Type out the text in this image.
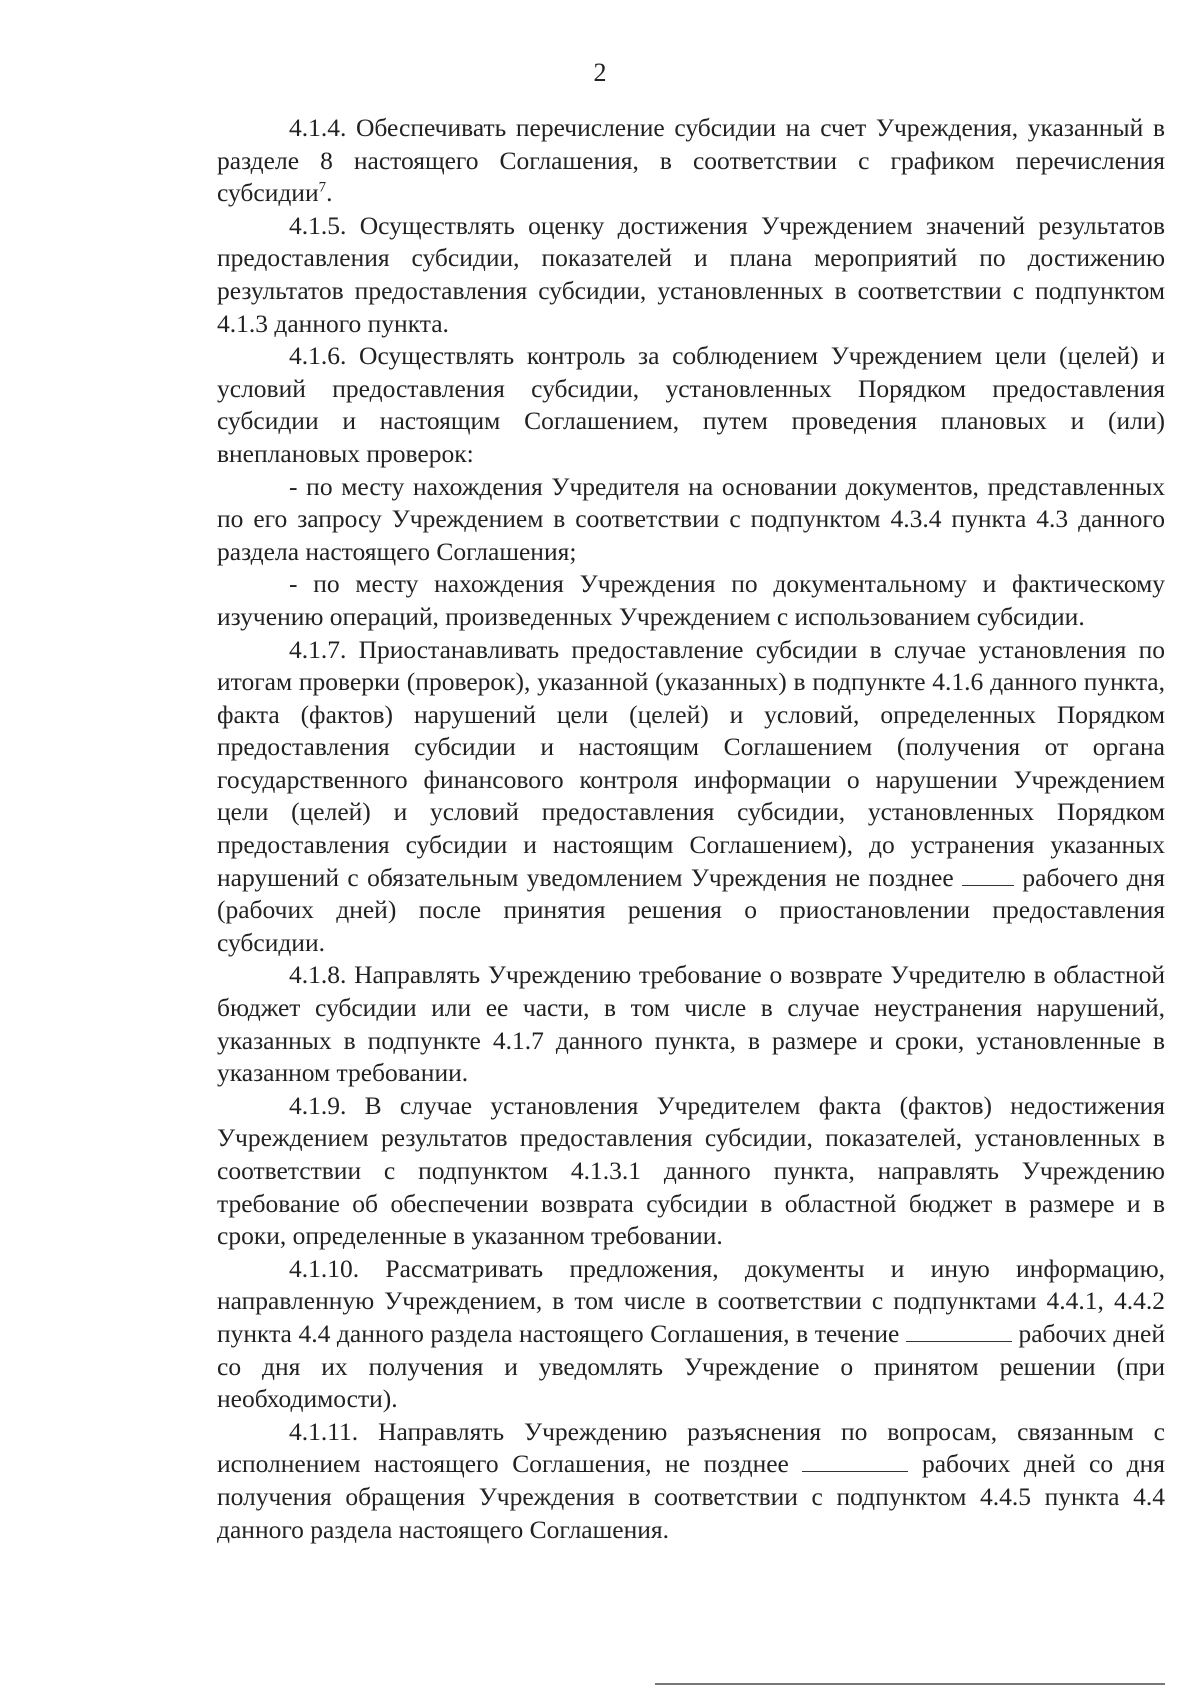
2

4.1.4. Обеспечивать перечисление субсидии на счет Учреждения, указанный в разделе 8 настоящего Соглашения, в соответствии с графиком перечисления субсидии$^7$.

4.1.5. Осуществлять оценку достижения Учреждением значений результатов предоставления субсидии, показателей и плана мероприятий по достижению результатов предоставления субсидии, установленных в соответствии с подпунктом 4.1.3 данного пункта.

4.1.6. Осуществлять контроль за соблюдением Учреждением цели (целей) и условий предоставления субсидии, установленных Порядком предоставления субсидии и настоящим Соглашением, путем проведения плановых и (или) внеплановых проверок:

- по месту нахождения Учредителя на основании документов, представленных по его запросу Учреждением в соответствии с подпунктом 4.3.4 пункта 4.3 данного раздела настоящего Соглашения;

- по месту нахождения Учреждения по документальному и фактическому изучению операций, произведенных Учреждением с использованием субсидии.

4.1.7. Приостанавливать предоставление субсидии в случае установления по итогам проверки (проверок), указанной (указанных) в подпункте 4.1.6 данного пункта, факта (фактов) нарушений цели (целей) и условий, определенных Порядком предоставления субсидии и настоящим Соглашением (получения от органа государственного финансового контроля информации о нарушении Учреждением цели (целей) и условий предоставления субсидии, установленных Порядком предоставления субсидии и настоящим Соглашением), до устранения указанных нарушений с обязательным уведомлением Учреждения не позднее  рабочего дня (рабочих дней) после принятия решения о приостановлении предоставления субсидии.

4.1.8. Направлять Учреждению требование о возврате Учредителю в областной бюджет субсидии или ее части, в том числе в случае неустранения нарушений, указанных в подпункте 4.1.7 данного пункта, в размере и сроки, установленные в указанном требовании.

4.1.9. В случае установления Учредителем факта (фактов) недостижения Учреждением результатов предоставления субсидии, показателей, установленных в соответствии с подпунктом 4.1.3.1 данного пункта, направлять Учреждению требование об обеспечении возврата субсидии в областной бюджет в размере и в сроки, определенные в указанном требовании.

4.1.10. Рассматривать предложения, документы и иную информацию, направленную Учреждением, в том числе в соответствии с подпунктами 4.4.1, 4.4.2 пункта 4.4 данного раздела настоящего Соглашения, в течение	рабочих дней со дня их получения и уведомлять Учреждение о принятом решении (при необходимости).

4.1.11. Направлять Учреждению разъяснения по вопросам, связанным с исполнением настоящего Соглашения, не позднее	рабочих дней со дня получения обращения Учреждения в соответствии с подпунктом 4.4.5 пункта 4.4 данного раздела настоящего Соглашения.
